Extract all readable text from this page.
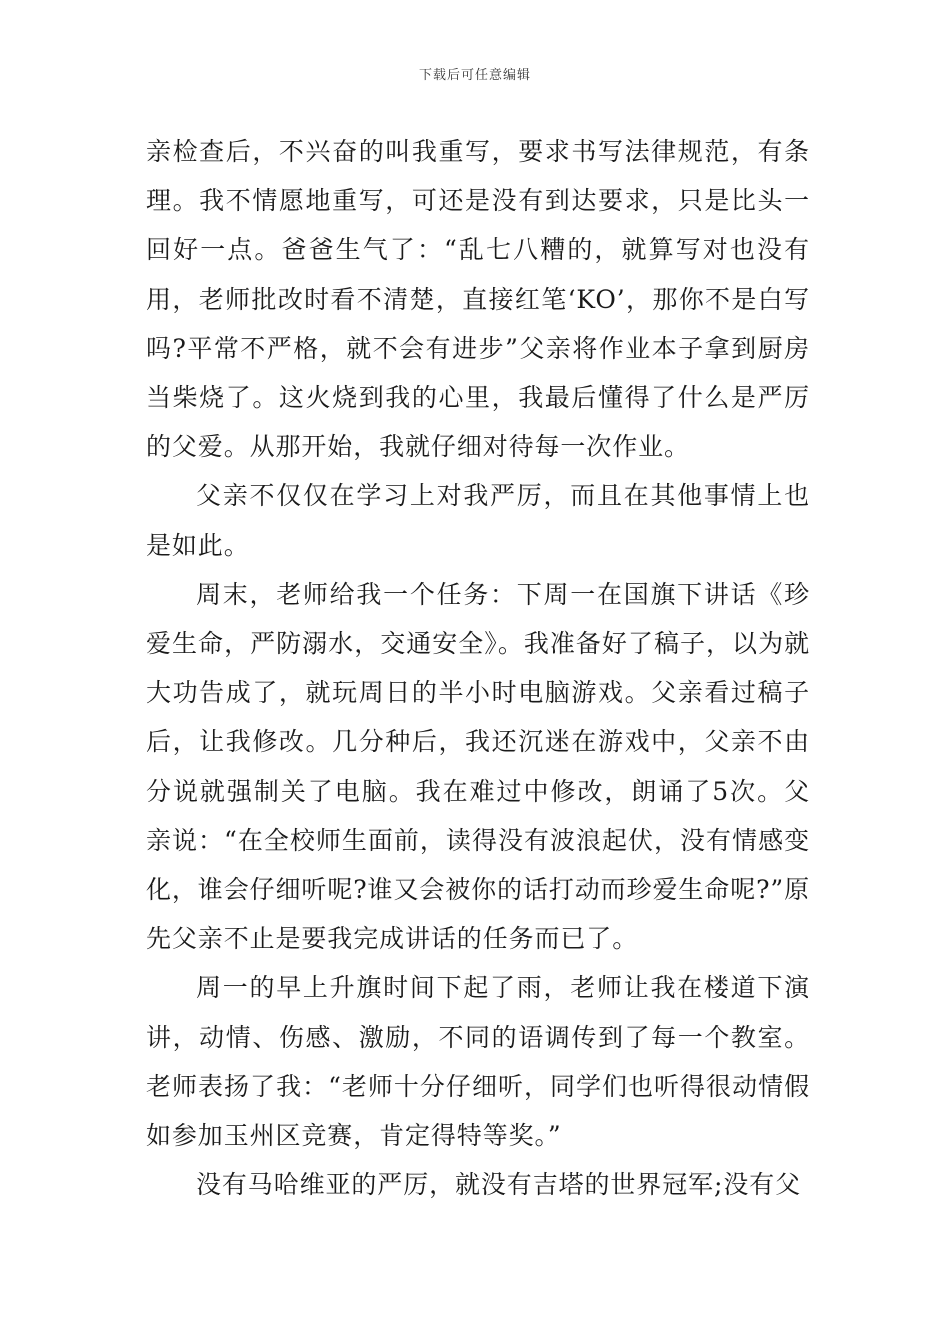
下载后可任意编辑

亲检查后，不兴奋的叫我重写，要求书写法律规范，有条理。我不情愿地重写，可还是没有到达要求，只是比头一回好一点。爸爸生气了：“乱七八糟的，就算写对也没有用，老师批改时看不清楚，直接红笔‘KO’，那你不是白写吗?平常不严格，就不会有进步”父亲将作业本子拿到厨房当柴烧了。这火烧到我的心里，我最后懂得了什么是严厉的父爱。从那开始，我就仔细对待每一次作业。

父亲不仅仅在学习上对我严厉，而且在其他事情上也是如此。

周末，老师给我一个任务：下周一在国旗下讲话《珍爱生命，严防溺水，交通安全》。我准备好了稿子，以为就大功告成了，就玩周日的半小时电脑游戏。父亲看过稿子后，让我修改。几分种后，我还沉迷在游戏中，父亲不由分说就强制关了电脑。我在难过中修改，朗诵了5次。父亲说：“在全校师生面前，读得没有波浪起伏，没有情感变化，谁会仔细听呢?谁又会被你的话打动而珍爱生命呢?”原先父亲不止是要我完成讲话的任务而已了。

周一的早上升旗时间下起了雨，老师让我在楼道下演讲，动情、伤感、激励，不同的语调传到了每一个教室。老师表扬了我：“老师十分仔细听，同学们也听得很动情假如参加玉州区竞赛，肯定得特等奖。”

没有马哈维亚的严厉，就没有吉塔的世界冠军;没有父
